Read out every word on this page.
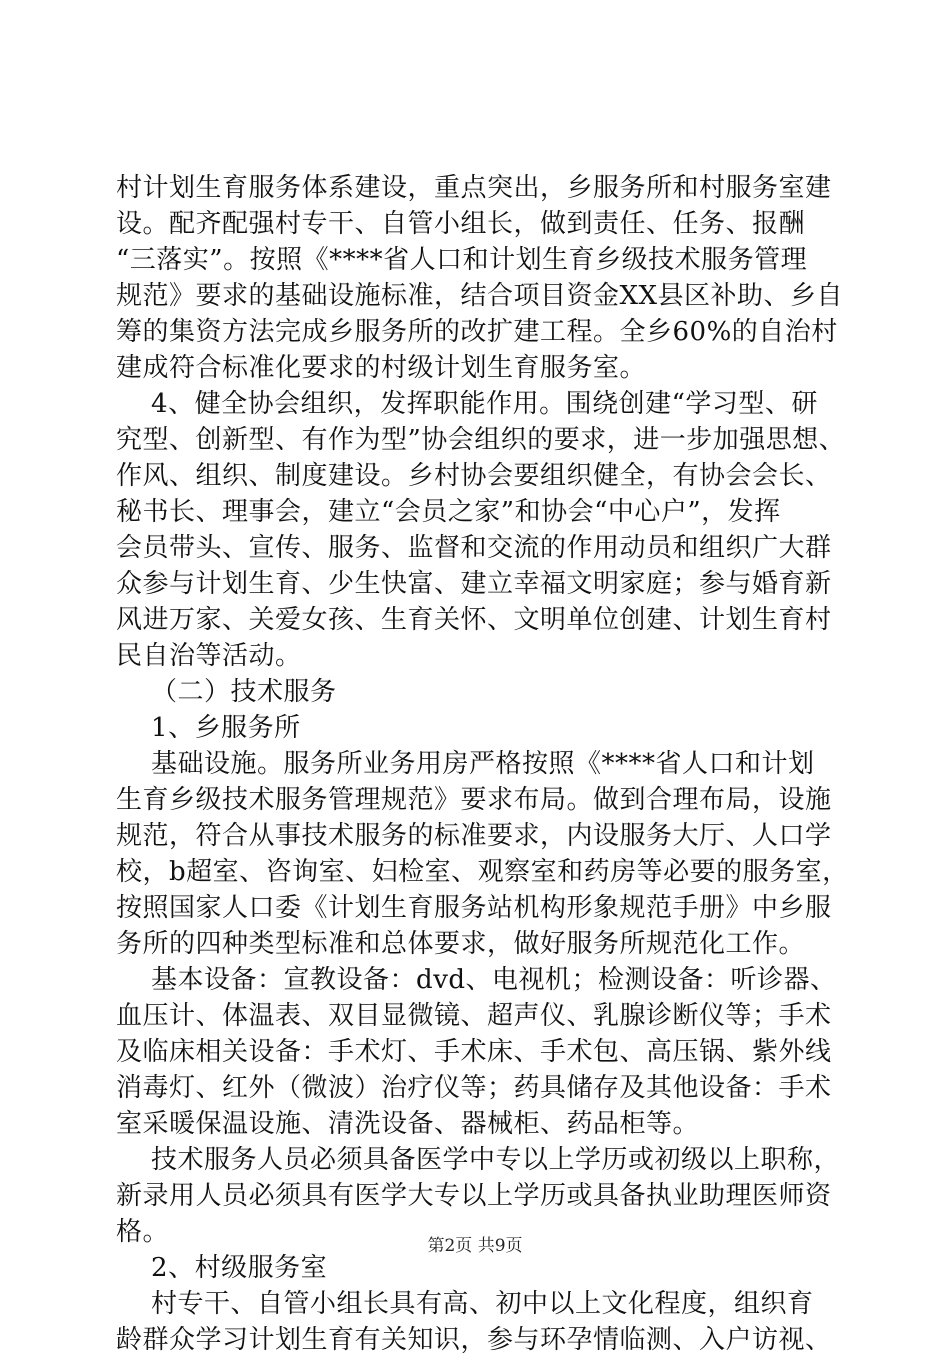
村计划生育服务体系建设，重点突出，乡服务所和村服务室建
设。配齐配强村专干、自管小组长，做到责任、任务、报酬
“三落实”。按照《****省人口和计划生育乡级技术服务管理
规范》要求的基础设施标准，结合项目资金XX县区补助、乡自
筹的集资方法完成乡服务所的改扩建工程。全乡60%的自治村
建成符合标准化要求的村级计划生育服务室。
4、健全协会组织，发挥职能作用。围绕创建“学习型、研
究型、创新型、有作为型”协会组织的要求，进一步加强思想、
作风、组织、制度建设。乡村协会要组织健全，有协会会长、
秘书长、理事会，建立“会员之家”和协会“中心户”，发挥
会员带头、宣传、服务、监督和交流的作用动员和组织广大群
众参与计划生育、少生快富、建立幸福文明家庭；参与婚育新
风进万家、关爱女孩、生育关怀、文明单位创建、计划生育村
民自治等活动。
（二）技术服务
1、乡服务所
基础设施。服务所业务用房严格按照《****省人口和计划
生育乡级技术服务管理规范》要求布局。做到合理布局，设施
规范，符合从事技术服务的标准要求，内设服务大厅、人口学
校，b超室、咨询室、妇检室、观察室和药房等必要的服务室，
按照国家人口委《计划生育服务站机构形象规范手册》中乡服
务所的四种类型标准和总体要求，做好服务所规范化工作。
基本设备：宣教设备：dvd、电视机；检测设备：听诊器、
血压计、体温表、双目显微镜、超声仪、乳腺诊断仪等；手术
及临床相关设备：手术灯、手术床、手术包、高压锅、紫外线
消毒灯、红外（微波）治疗仪等；药具储存及其他设备：手术
室采暖保温设施、清洗设备、器械柜、药品柜等。
技术服务人员必须具备医学中专以上学历或初级以上职称，
新录用人员必须具有医学大专以上学历或具备执业助理医师资
格。
2、村级服务室
村专干、自管小组长具有高、初中以上文化程度，组织育
龄群众学习计划生育有关知识，参与环孕情临测、入户访视、
第2页 共9页
